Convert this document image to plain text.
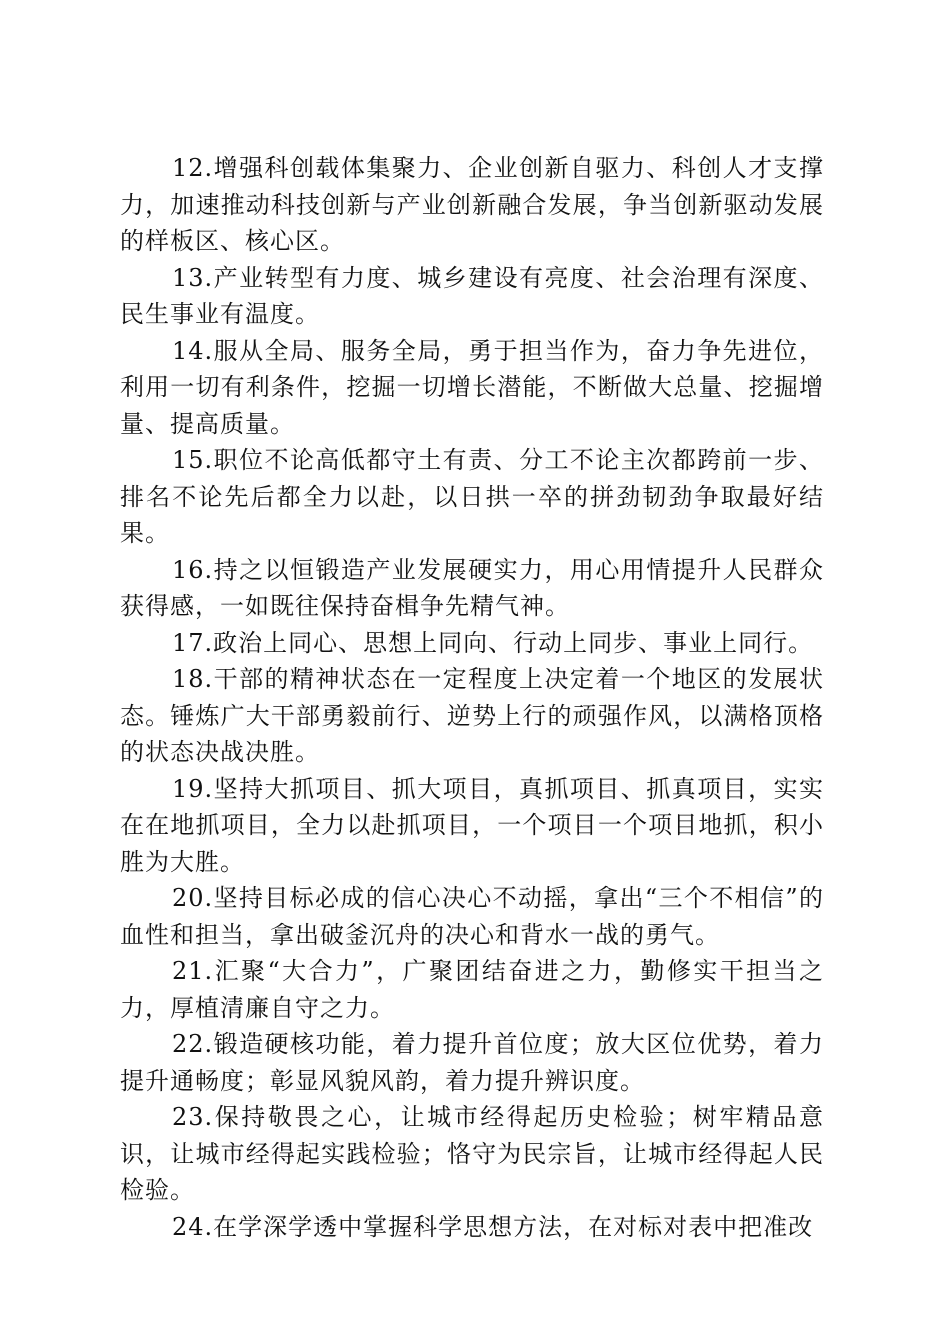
12.增强科创载体集聚力、企业创新自驱力、科创人才支撑力，加速推动科技创新与产业创新融合发展，争当创新驱动发展的样板区、核心区。

13.产业转型有力度、城乡建设有亮度、社会治理有深度、民生事业有温度。

14.服从全局、服务全局，勇于担当作为，奋力争先进位，利用一切有利条件，挖掘一切增长潜能，不断做大总量、挖掘增量、提高质量。

15.职位不论高低都守土有责、分工不论主次都跨前一步、排名不论先后都全力以赴，以日拱一卒的拼劲韧劲争取最好结果。

16.持之以恒锻造产业发展硬实力，用心用情提升人民群众获得感，一如既往保持奋楫争先精气神。

17.政治上同心、思想上同向、行动上同步、事业上同行。

18.干部的精神状态在一定程度上决定着一个地区的发展状态。锤炼广大干部勇毅前行、逆势上行的顽强作风，以满格顶格的状态决战决胜。

19.坚持大抓项目、抓大项目，真抓项目、抓真项目，实实在在地抓项目，全力以赴抓项目，一个项目一个项目地抓，积小胜为大胜。

20.坚持目标必成的信心决心不动摇，拿出“三个不相信”的血性和担当，拿出破釜沉舟的决心和背水一战的勇气。

21.汇聚“大合力”，广聚团结奋进之力，勤修实干担当之力，厚植清廉自守之力。

22.锻造硬核功能，着力提升首位度；放大区位优势，着力提升通畅度；彰显风貌风韵，着力提升辨识度。

23.保持敬畏之心，让城市经得起历史检验；树牢精品意识，让城市经得起实践检验；恪守为民宗旨，让城市经得起人民检验。

24.在学深学透中掌握科学思想方法，在对标对表中把准改
